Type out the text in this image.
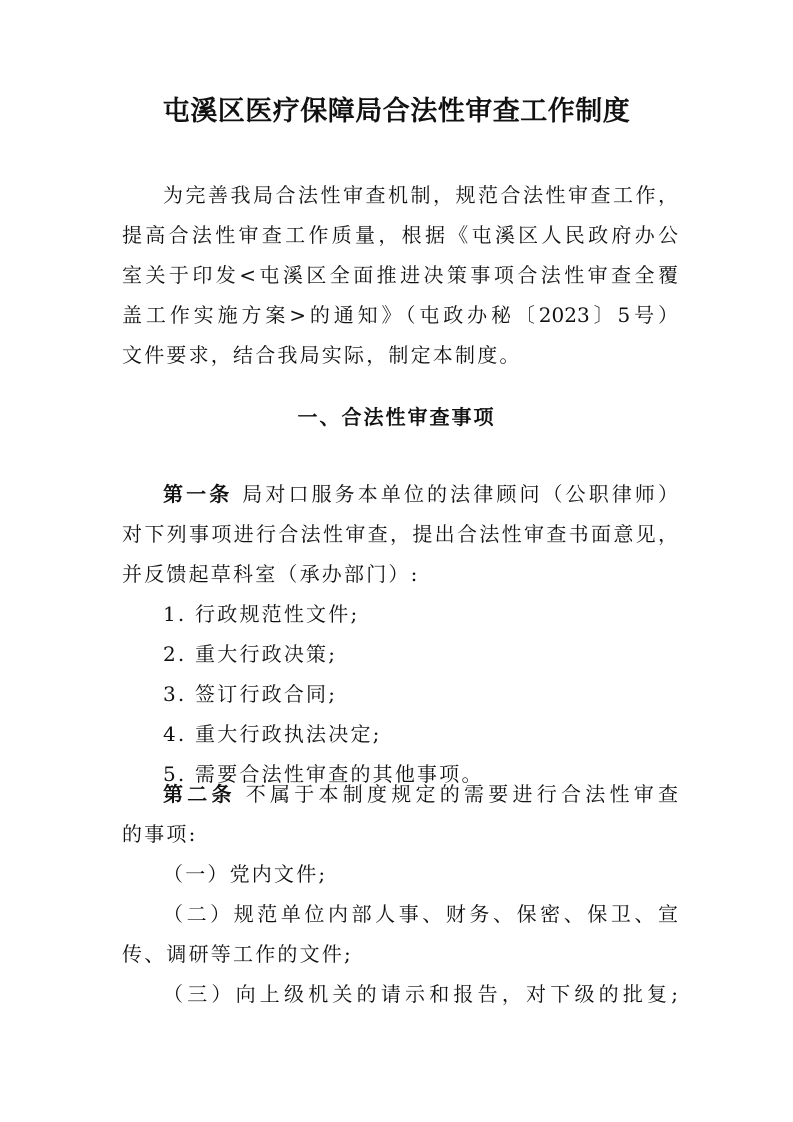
屯溪区医疗保障局合法性审查工作制度

为完善我局合法性审查机制，规范合法性审查工作，

提高合法性审查工作质量，根据《屯溪区人民政府办公

室关于印发<屯溪区全面推进决策事项合法性审查全覆

盖工作实施方案>的通知》（屯政办秘〔2023〕5号）

文件要求，结合我局实际，制定本制度。

一、合法性审查事项

第一条 局对口服务本单位的法律顾问（公职律师）

对下列事项进行合法性审查，提出合法性审查书面意见，

并反馈起草科室（承办部门）:

1. 行政规范性文件;

2. 重大行政决策;

3. 签订行政合同;

4. 重大行政执法决定;

5. 需要合法性审查的其他事项。

第二条 不属于本制度规定的需要进行合法性审查

的事项:

（一）党内文件;

（二）规范单位内部人事、财务、保密、保卫、宣

传、调研等工作的文件;

（三）向上级机关的请示和报告，对下级的批复;
